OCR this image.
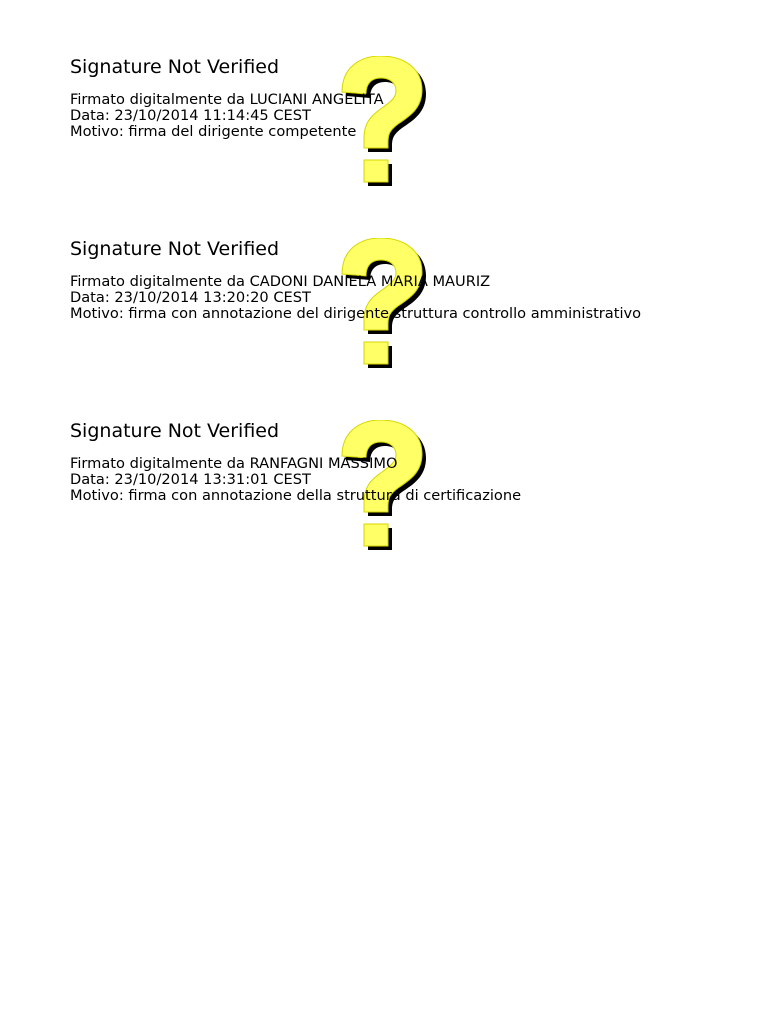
Signature Not Verified
Firmato digitalmente da LUCIANI ANGELITA
Data: 23/10/2014 11:14:45 CEST
Motivo: firma del dirigente competente
Signature Not Verified
Firmato digitalmente da CADONI DANIELA MARIA MAURIZ
Data: 23/10/2014 13:20:20 CEST
Motivo: firma con annotazione del dirigente struttura controllo amministrativo
Signature Not Verified
Firmato digitalmente da RANFAGNI MASSIMO
Data: 23/10/2014 13:31:01 CEST
Motivo: firma con annotazione della struttura di certificazione
